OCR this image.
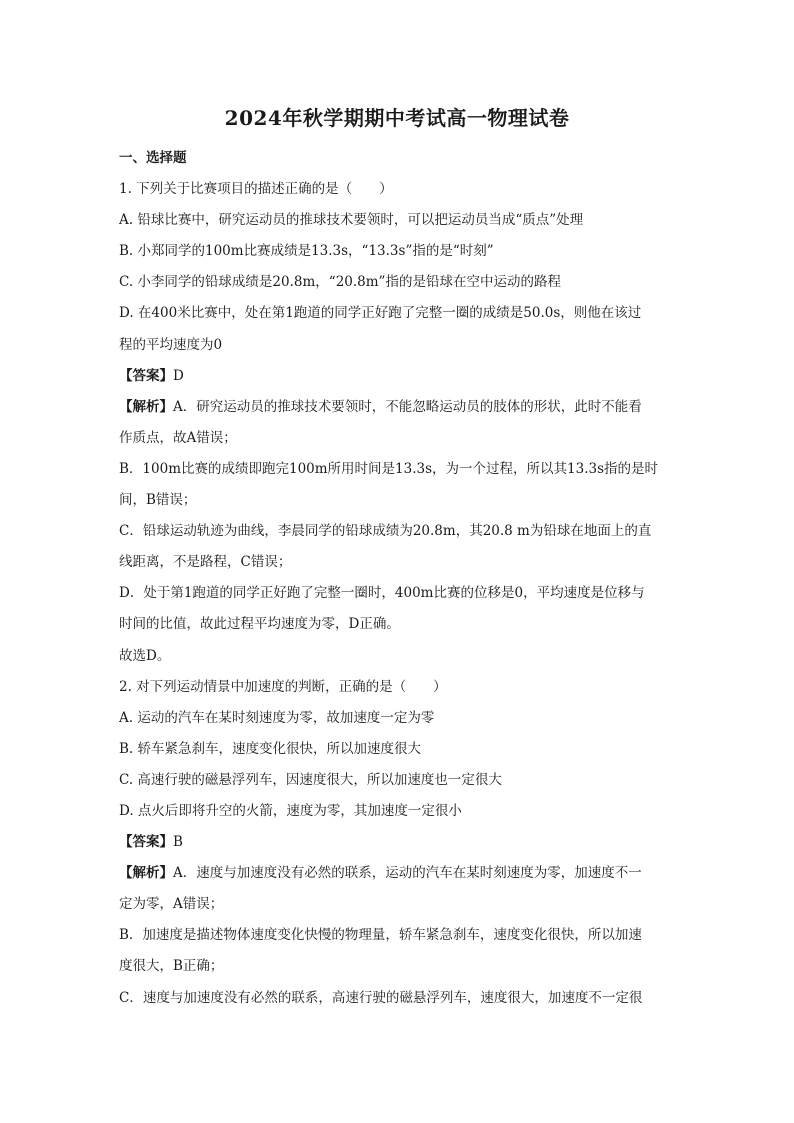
2024年秋学期期中考试高一物理试卷
一、选择题
1. 下列关于比赛项目的描述正确的是（　　）
A. 铅球比赛中，研究运动员的推球技术要领时，可以把运动员当成“质点”处理
B. 小郑同学的100m比赛成绩是13.3s，“13.3s”指的是“时刻”
C. 小李同学的铅球成绩是20.8m，“20.8m”指的是铅球在空中运动的路程
D. 在400米比赛中，处在第1跑道的同学正好跑了完整一圈的成绩是50.0s，则他在该过
程的平均速度为0
【答案】D
【解析】A．研究运动员的推球技术要领时，不能忽略运动员的肢体的形状，此时不能看
作质点，故A错误；
B．100m比赛的成绩即跑完100m所用时间是13.3s，为一个过程，所以其13.3s指的是时
间，B错误；
C．铅球运动轨迹为曲线，李晨同学的铅球成绩为20.8m，其20.8 m为铅球在地面上的直
线距离，不是路程，C错误；
D．处于第1跑道的同学正好跑了完整一圈时，400m比赛的位移是0，平均速度是位移与
时间的比值，故此过程平均速度为零，D正确。
故选D。
2. 对下列运动情景中加速度的判断，正确的是（　　）
A. 运动的汽车在某时刻速度为零，故加速度一定为零
B. 轿车紧急刹车，速度变化很快，所以加速度很大
C. 高速行驶的磁悬浮列车，因速度很大，所以加速度也一定很大
D. 点火后即将升空的火箭，速度为零，其加速度一定很小
【答案】B
【解析】A．速度与加速度没有必然的联系，运动的汽车在某时刻速度为零，加速度不一
定为零，A错误；
B．加速度是描述物体速度变化快慢的物理量，轿车紧急刹车，速度变化很快，所以加速
度很大，B正确；
C．速度与加速度没有必然的联系，高速行驶的磁悬浮列车，速度很大，加速度不一定很
